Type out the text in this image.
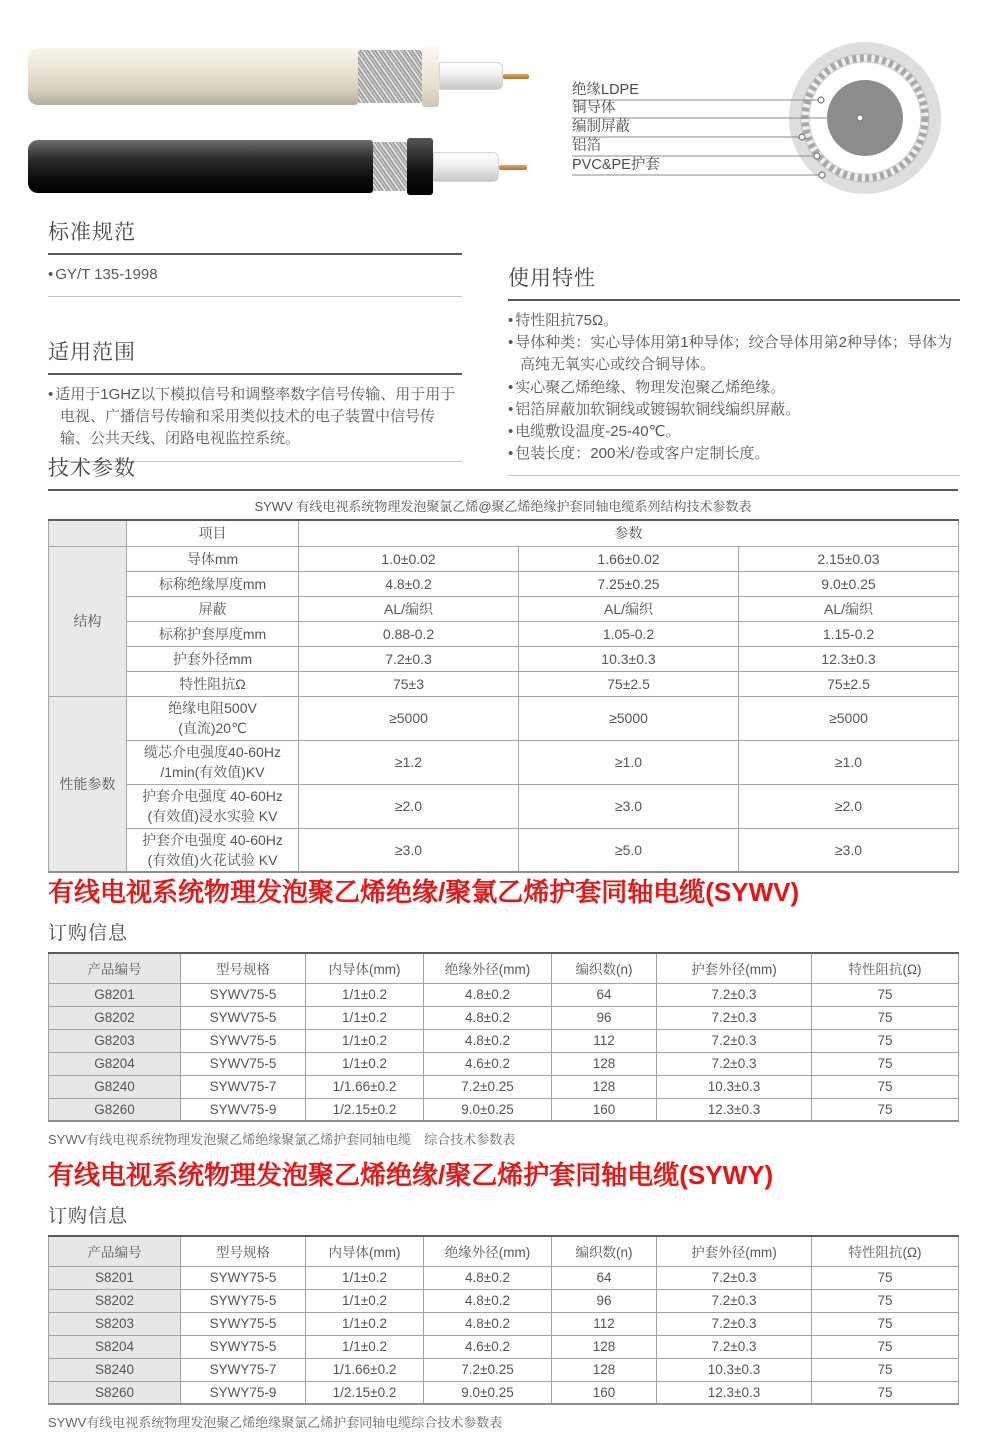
绝缘LDPE
铜导体
编制屏蔽
铝箔
PVC&PE护套
标准规范
• GY/T 135-1998	使用特性
• 特性阻抗75Ω。
• 导体种类：实心导体用第1种导体；绞合导体用第2种导体；导体为高纯无氧实心或绞合铜导体。
• 实心聚乙烯绝缘、物理发泡聚乙烯绝缘。
• 铝箔屏蔽加软铜线或镀锡软铜线编织屏蔽。
• 电缆敷设温度-25-40℃。
• 包装长度：200米/卷或客户定制长度。
适用范围
• 适用于1GHZ以下模拟信号和调整率数字信号传输、用于用于电视、广播信号传输和采用类似技术的电子装置中信号传输、公共天线、闭路电视监控系统。
技术参数
SYWV 有线电视系统物理发泡聚氯乙烯@聚乙烯绝缘护套同轴电缆系列结构技术参数表
	项目	参数		
结构	导体mm	1.0±0.02	1.66±0.02	2.15±0.03
	标称绝缘厚度mm	4.8±0.2	7.25±0.25	9.0±0.25
	屏蔽	AL/编织	AL/编织	AL/编织
	标称护套厚度mm	0.88-0.2	1.05-0.2	1.15-0.2
	护套外径mm	7.2±0.3	10.3±0.3	12.3±0.3
	特性阻抗Ω	75±3	75±2.5	75±2.5
性能参数	绝缘电阻500V
(直流)20℃	≥5000	≥5000	≥5000
	缆芯介电强度40-60Hz
/1min(有效值)KV	≥1.2	≥1.0	≥1.0
	护套介电强度 40-60Hz
(有效值)浸水实验 KV	≥2.0	≥3.0	≥2.0
	护套介电强度 40-60Hz
(有效值)火花试验 KV	≥3.0	≥5.0	≥3.0
有线电视系统物理发泡聚乙烯绝缘/聚氯乙烯护套同轴电缆(SYWV)
订购信息
产品编号	型号规格	内导体(mm)	绝缘外径(mm)	编织数(n)	护套外径(mm)	特性阻抗(Ω)
G8201	SYWV75-5	1/1±0.2	4.8±0.2	64	7.2±0.3	75
G8202	SYWV75-5	1/1±0.2	4.8±0.2	96	7.2±0.3	75
G8203	SYWV75-5	1/1±0.2	4.8±0.2	112	7.2±0.3	75
G8204	SYWV75-5	1/1±0.2	4.6±0.2	128	7.2±0.3	75
G8240	SYWV75-7	1/1.66±0.2	7.2±0.25	128	10.3±0.3	75
G8260	SYWV75-9	1/2.15±0.2	9.0±0.25	160	12.3±0.3	75
SYWV有线电视系统物理发泡聚乙烯绝缘聚氯乙烯护套同轴电缆　综合技术参数表
有线电视系统物理发泡聚乙烯绝缘/聚乙烯护套同轴电缆(SYWY)
订购信息
产品编号	型号规格	内导体(mm)	绝缘外径(mm)	编织数(n)	护套外径(mm)	特性阻抗(Ω)
S8201	SYWY75-5	1/1±0.2	4.8±0.2	64	7.2±0.3	75
S8202	SYWY75-5	1/1±0.2	4.8±0.2	96	7.2±0.3	75
S8203	SYWY75-5	1/1±0.2	4.8±0.2	112	7.2±0.3	75
S8204	SYWY75-5	1/1±0.2	4.6±0.2	128	7.2±0.3	75
S8240	SYWY75-7	1/1.66±0.2	7.2±0.25	128	10.3±0.3	75
S8260	SYWY75-9	1/2.15±0.2	9.0±0.25	160	12.3±0.3	75
SYWV有线电视系统物理发泡聚乙烯绝缘聚氯乙烯护套同轴电缆综合技术参数表
